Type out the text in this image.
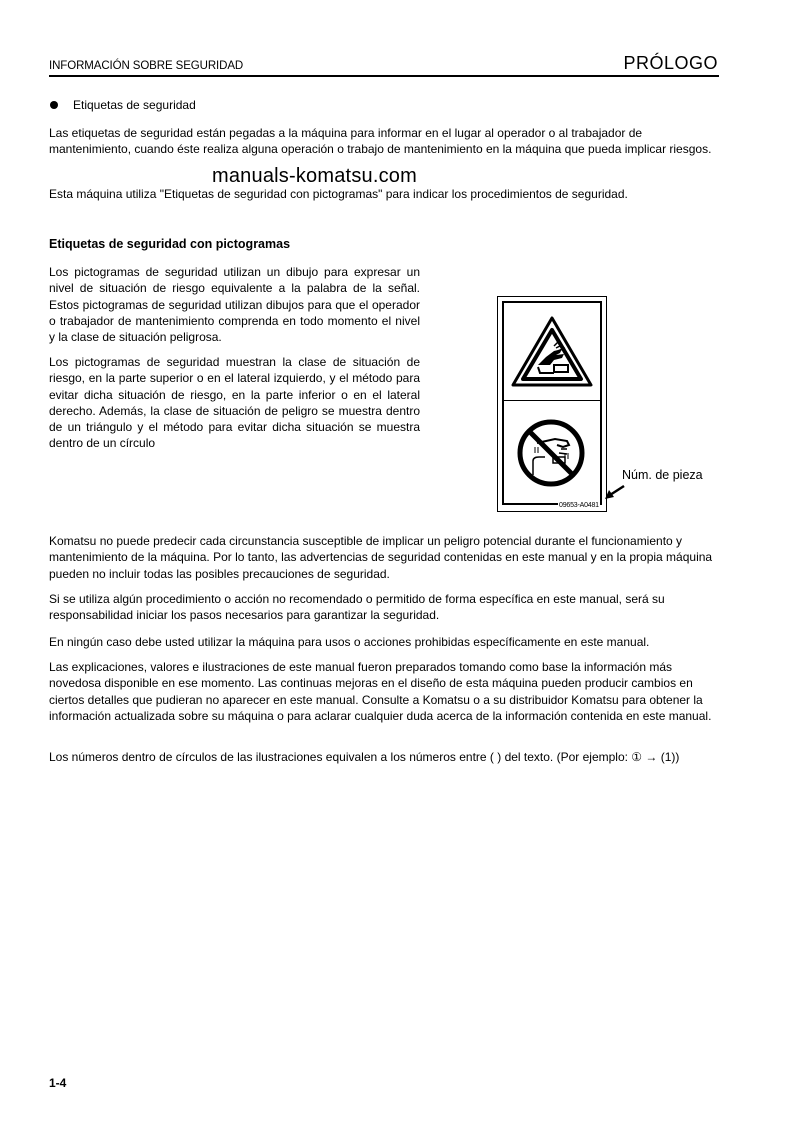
INFORMACIÓN SOBRE SEGURIDAD	PRÓLOGO
Etiquetas de seguridad
Las etiquetas de seguridad están pegadas a la máquina para informar en el lugar al operador o al trabajador de mantenimiento, cuando éste realiza alguna operación o trabajo de mantenimiento en la máquina que pueda implicar riesgos.
Esta máquina utiliza "Etiquetas de seguridad con pictogramas" para indicar los procedimientos de seguridad.
manuals-komatsu.com
Etiquetas de seguridad con pictogramas
Los pictogramas de seguridad utilizan un dibujo para expresar un nivel de situación de riesgo equivalente a la palabra de la señal. Estos pictogramas de seguridad utilizan dibujos para que el operador o trabajador de mantenimiento comprenda en todo momento el nivel y la clase de situación peligrosa.
Los pictogramas de seguridad muestran la clase de situación de riesgo, en la parte superior o en el lateral izquierdo, y el método para evitar dicha situación de riesgo, en la parte inferior o en el lateral derecho. Además, la clase de situación de peligro se muestra dentro de un triángulo y el método para evitar dicha situación se muestra dentro de un círculo
09653-A0481
Núm. de pieza
Komatsu no puede predecir cada circunstancia susceptible de implicar un peligro potencial durante el funcionamiento y mantenimiento de la máquina. Por lo tanto, las advertencias de seguridad contenidas en este manual y en la propia máquina pueden no incluir todas las posibles precauciones de seguridad.
Si se utiliza algún procedimiento o acción no recomendado o permitido de forma específica en este manual, será su responsabilidad iniciar los pasos necesarios para garantizar la seguridad.
En ningún caso debe usted utilizar la máquina para usos o acciones prohibidas específicamente en este manual.
Las explicaciones, valores e ilustraciones de este manual fueron preparados tomando como base la información más novedosa disponible en ese momento. Las continuas mejoras en el diseño de esta máquina pueden producir cambios en ciertos detalles que pudieran no aparecer en este manual. Consulte a Komatsu o a su distribuidor Komatsu para obtener la información actualizada sobre su máquina o para aclarar cualquier duda acerca de la información contenida en este manual.
Los números dentro de círculos de las ilustraciones equivalen a los números entre ( ) del texto. (Por ejemplo: ① → (1))
1-4
